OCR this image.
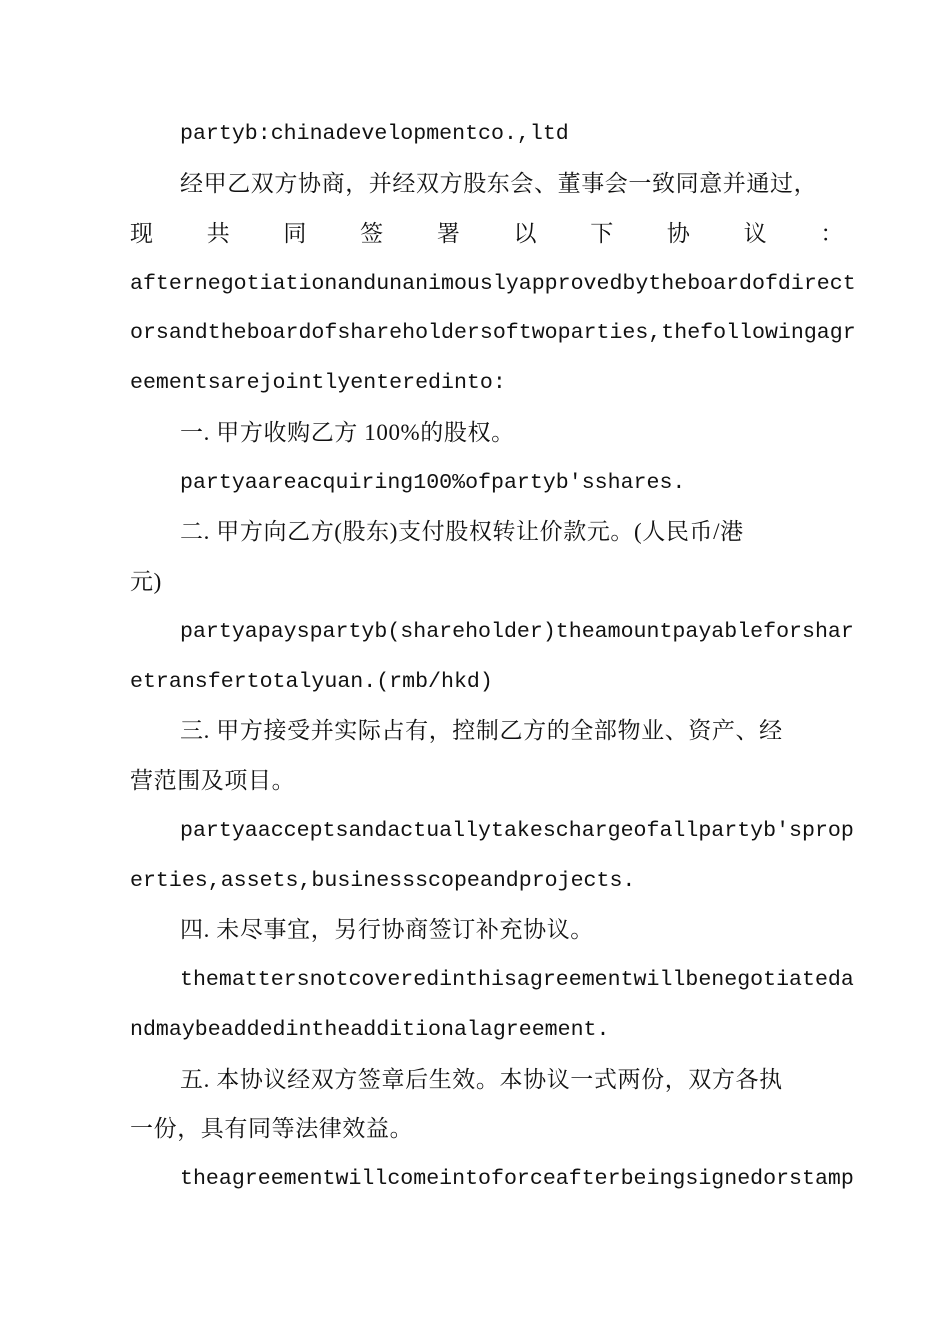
partyb:chinadevelopmentco.,ltd
经甲乙双方协商，并经双方股东会、董事会一致同意并通过，
现 共 同 签 署 以 下 协 议 ：
afternegotiationandunanimouslyapprovedbytheboardofdirect
orsandtheboardofshareholdersoftwoparties,thefollowingagr
eementsarejointlyenteredinto:
一. 甲方收购乙方 100%的股权。
partyaareacquiring100%ofpartyb'sshares.
二. 甲方向乙方(股东)支付股权转让价款元。(人民币/港
元)
partyapayspartyb(shareholder)theamountpayableforshar
etransfertotalyuan.(rmb/hkd)
三. 甲方接受并实际占有，控制乙方的全部物业、资产、经
营范围及项目。
partyaacceptsandactuallytakeschargeofallpartyb'sprop
erties,assets,businessscopeandprojects.
四. 未尽事宜，另行协商签订补充协议。
themattersnotcoveredinthisagreementwillbenegotiateda
ndmaybeaddedintheadditionalagreement.
五. 本协议经双方签章后生效。本协议一式两份，双方各执
一份，具有同等法律效益。
theagreementwillcomeintoforceafterbeingsignedorstamp
